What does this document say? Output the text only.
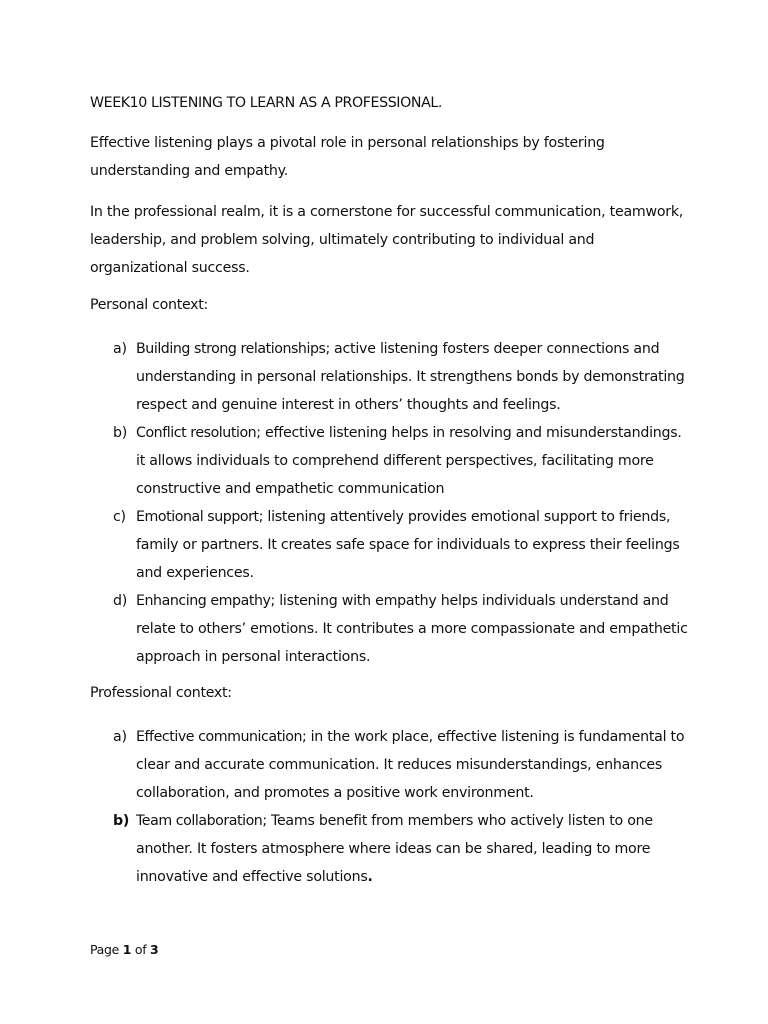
WEEK10 LISTENING TO LEARN AS A PROFESSIONAL.

Effective listening plays a pivotal role in personal relationships by fostering understanding and empathy.

In the professional realm, it is a cornerstone for successful communication, teamwork, leadership, and problem solving, ultimately contributing to individual and organizational success.

Personal context:
a) Building strong relationships; active listening fosters deeper connections and understanding in personal relationships. It strengthens bonds by demonstrating respect and genuine interest in others’ thoughts and feelings.
b) Conflict resolution; effective listening helps in resolving and misunderstandings. it allows individuals to comprehend different perspectives, facilitating more constructive and empathetic communication
c) Emotional support; listening attentively provides emotional support to friends, family or partners. It creates safe space for individuals to express their feelings and experiences.
d) Enhancing empathy; listening with empathy helps individuals understand and relate to others’ emotions. It contributes a more compassionate and empathetic approach in personal interactions.
Professional context:
a) Effective communication; in the work place, effective listening is fundamental to clear and accurate communication. It reduces misunderstandings, enhances collaboration, and promotes a positive work environment.
b) Team collaboration; Teams benefit from members who actively listen to one another. It fosters atmosphere where ideas can be shared, leading to more innovative and effective solutions.
Page 1 of 3
